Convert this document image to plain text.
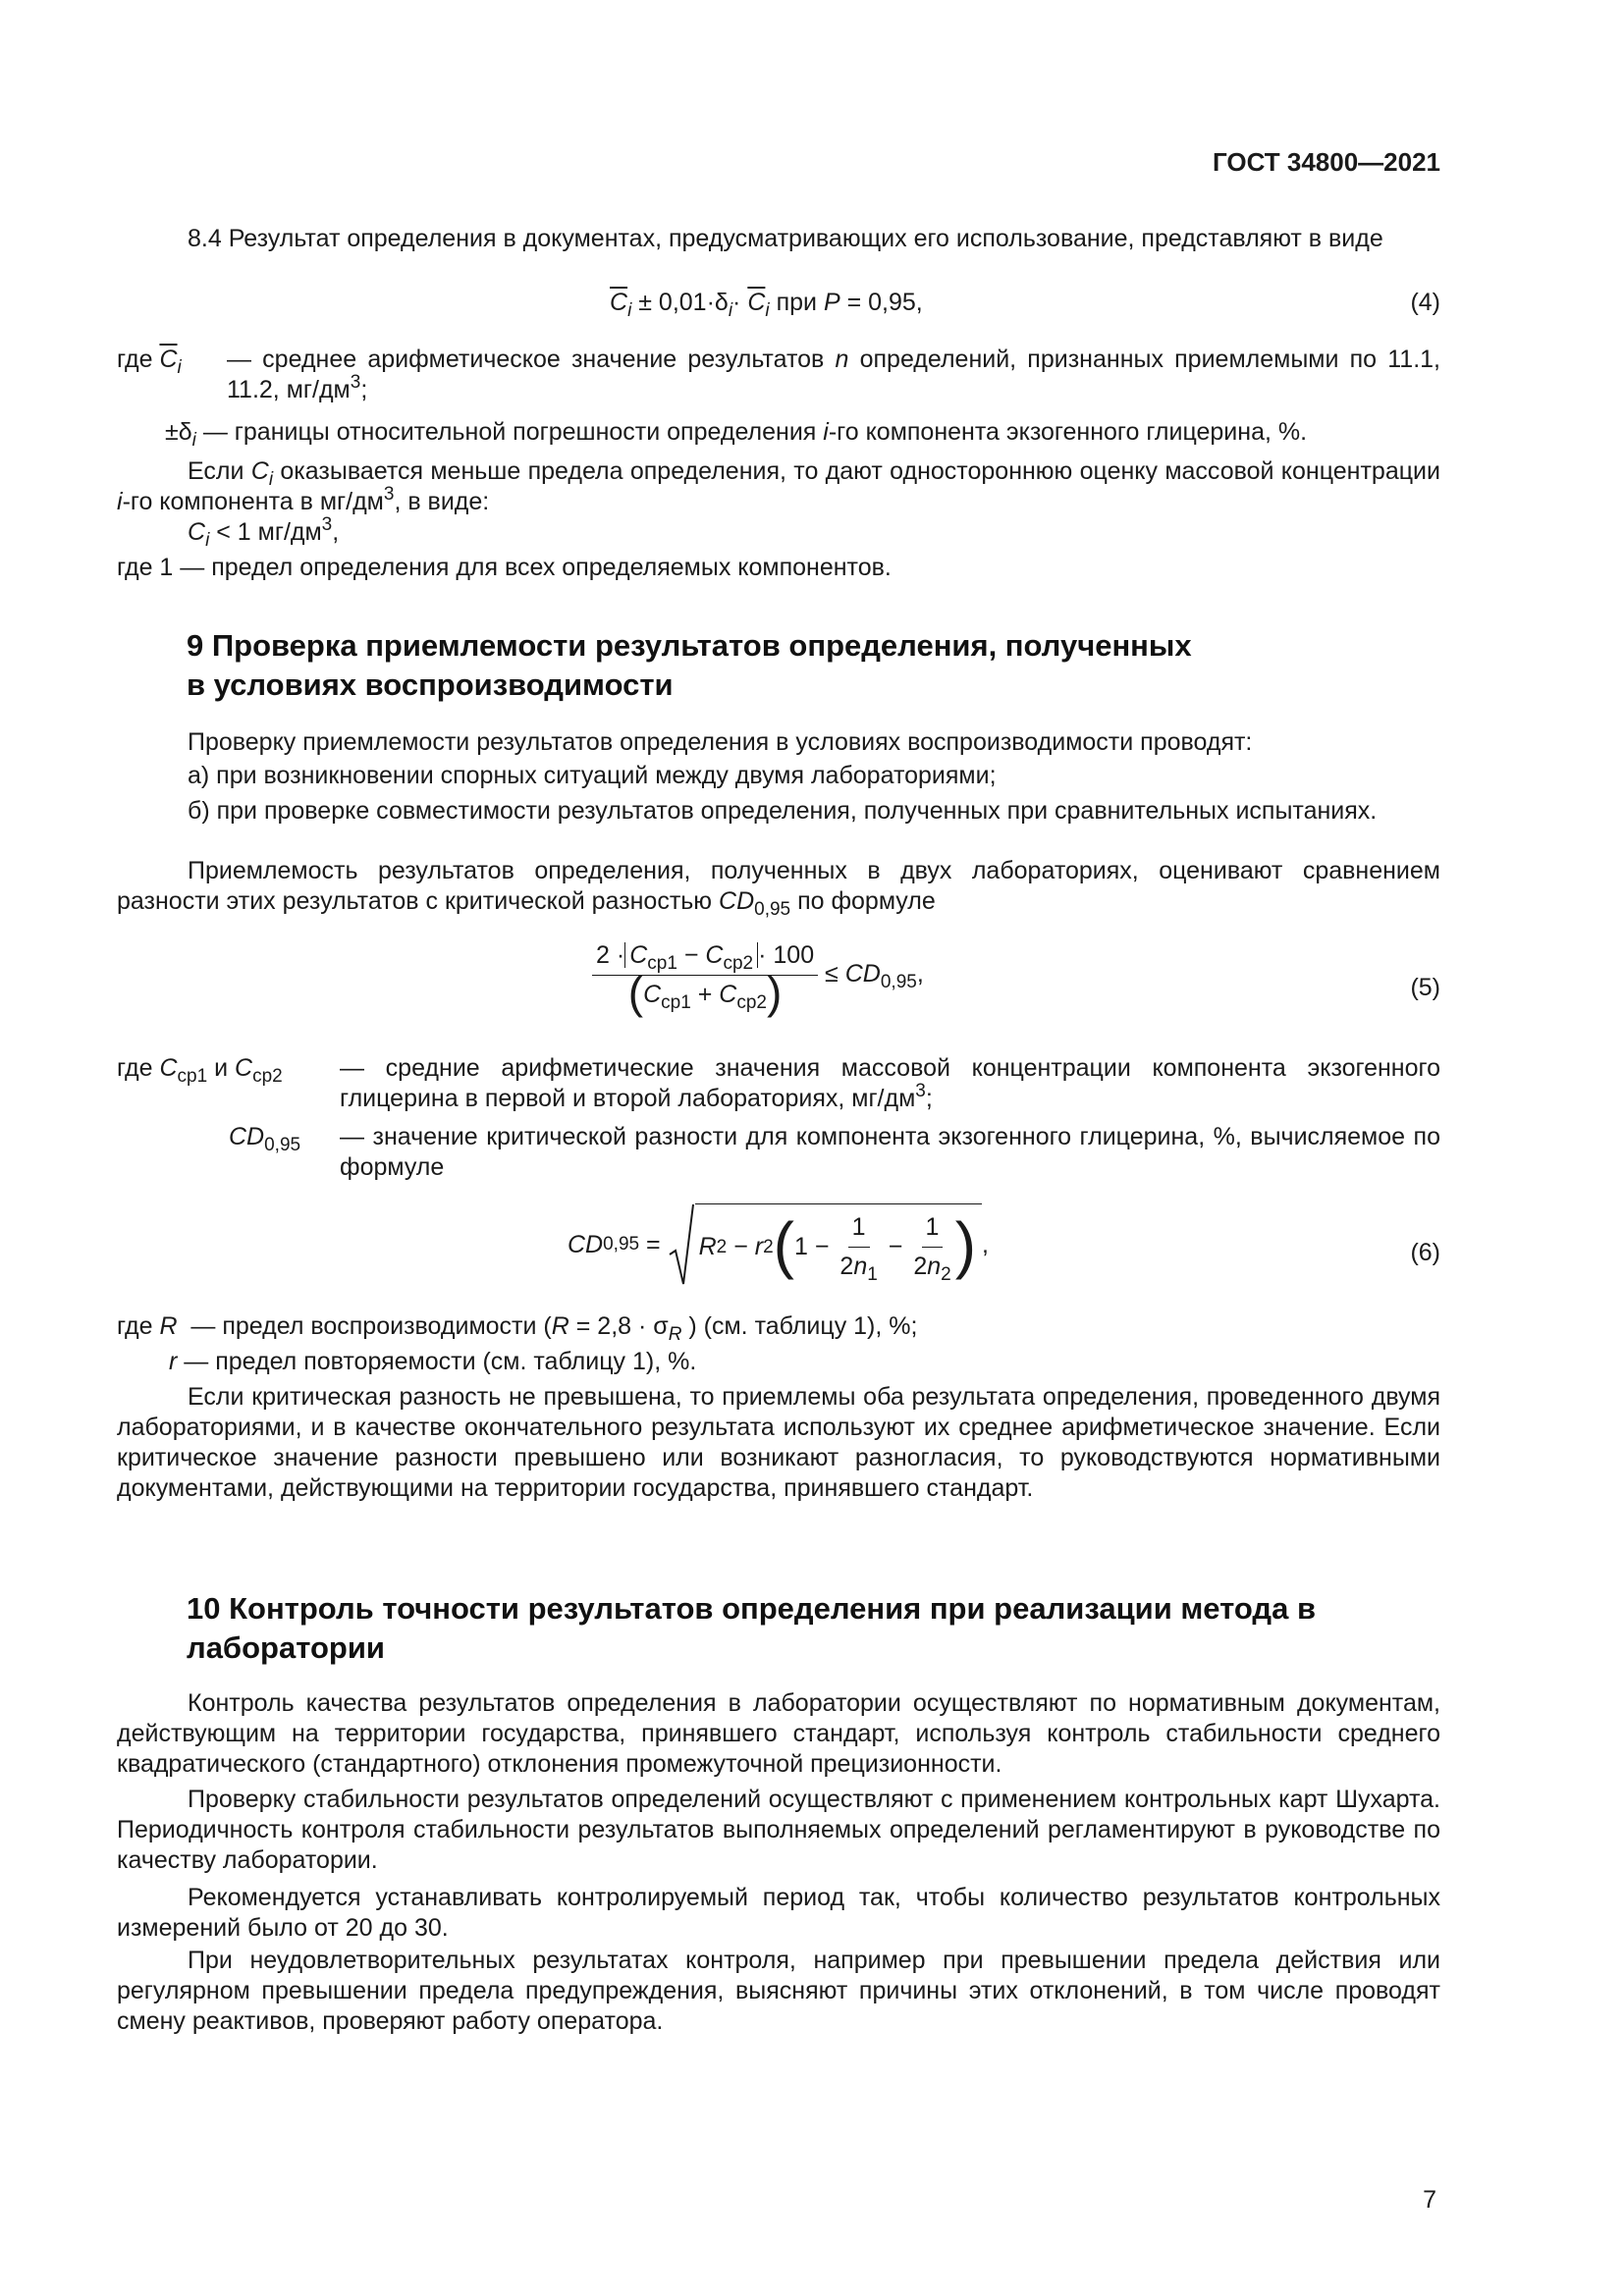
ГОСТ 34800—2021
8.4 Результат определения в документах, предусматривающих его использование, представляют в виде
$\overline{C}_i \pm 0,01\cdot\delta_i\cdot \overline{C}_i$ при P = 0,95,	(4)
где $\overline{C}_i$ — среднее арифметическое значение результатов n определений, признанных приемлемыми по 11.1, 11.2, $мг/дм^3$;
$\pm\delta_i$ — границы относительной погрешности определения i-го компонента экзогенного глицерина, %.
Если $C_i$ оказывается меньше предела определения, то дают одностороннюю оценку массовой концентрации i-го компонента в $мг/дм^3$, в виде:
$C_i < 1$ $мг/дм^3$,
где 1 — предел определения для всех определяемых компонентов.
9 Проверка приемлемости результатов определения, полученных
в условиях воспроизводимости
Проверку приемлемости результатов определения в условиях воспроизводимости проводят:
а) при возникновении спорных ситуаций между двумя лабораториями;
б) при проверке совместимости результатов определения, полученных при сравнительных испытаниях.
Приемлемость результатов определения, полученных в двух лабораториях, оценивают сравнением разности этих результатов с критической разностью $CD_{0,95}$ по формуле
$\frac{2 \cdot C_{ср1} - C_{ср2} \cdot 100}{(C_{ср1} + C_{ср2})} \le CD_{0,95}$,	(5)
где $C_{ср1}$ и $C_{ср2}$ — средние арифметические значения массовой концентрации компонента экзогенного глицерина в первой и второй лабораториях, $мг/дм^3$;
$CD_{0,95}$ — значение критической разности для компонента экзогенного глицерина, %, вычисляемое по формуле
CD 0,95
=
R 2
−
r 2 ( 1
−
$\frac{1}{2n_1}$
−
$\frac{1}{2n_2}$ ) ,	(6)
где R — предел воспроизводимости ($R = 2,8 \cdot \sigma_R$ ) (см. таблицу 1), %;
r — предел повторяемости (см. таблицу 1), %.
Если критическая разность не превышена, то приемлемы оба результата определения, проведенного двумя лабораториями, и в качестве окончательного результата используют их среднее арифметическое значение. Если критическое значение разности превышено или возникают разногласия, то руководствуются нормативными документами, действующими на территории государства, принявшего стандарт.
10 Контроль точности результатов определения при реализации метода в лаборатории
Контроль качества результатов определения в лаборатории осуществляют по нормативным документам, действующим на территории государства, принявшего стандарт, используя контроль стабильности среднего квадратического (стандартного) отклонения промежуточной прецизионности.
Проверку стабильности результатов определений осуществляют с применением контрольных карт Шухарта. Периодичность контроля стабильности результатов выполняемых определений регламентируют в руководстве по качеству лаборатории.
Рекомендуется устанавливать контролируемый период так, чтобы количество результатов контрольных измерений было от 20 до 30.
При неудовлетворительных результатах контроля, например при превышении предела действия или регулярном превышении предела предупреждения, выясняют причины этих отклонений, в том числе проводят смену реактивов, проверяют работу оператора.
7
